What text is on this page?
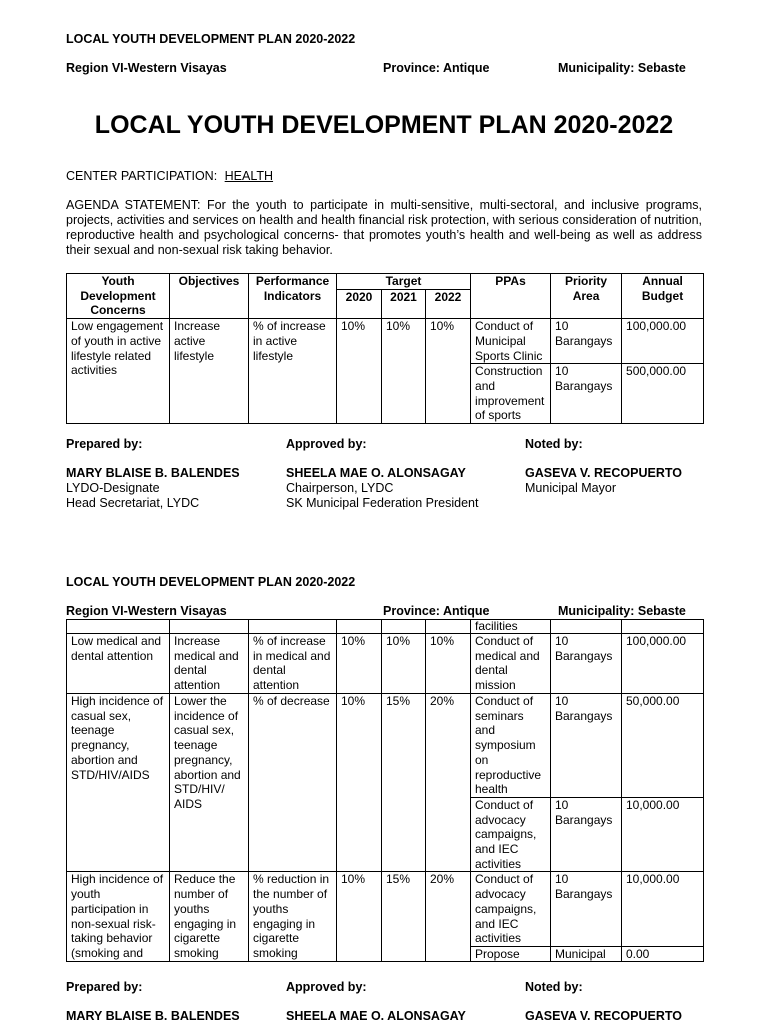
LOCAL YOUTH DEVELOPMENT PLAN 2020-2022
Region VI-Western Visayas	Province: Antique	Municipality: Sebaste
LOCAL YOUTH DEVELOPMENT PLAN 2020-2022
CENTER PARTICIPATION: HEALTH
AGENDA STATEMENT: For the youth to participate in multi-sensitive, multi-sectoral, and inclusive programs, projects, activities and services on health and health financial risk protection, with serious consideration of nutrition, reproductive health and psychological concerns- that promotes youth’s health and well-being as well as address their sexual and non-sexual risk taking behavior.
Youth Development Concerns	Objectives	Performance Indicators	Target			PPAs	Priority Area	Annual Budget
			2020	2021	2022			
Low engagement of youth in active lifestyle related activities	Increase active lifestyle	% of increase in active lifestyle	10%	10%	10%	Conduct of Municipal Sports Clinic	10 Barangays	100,000.00
						Construction and improvement of sports	10 Barangays	500,000.00
Prepared by:
MARY BLAISE B. BALENDES
LYDO-Designate
Head Secretariat, LYDC
Approved by:
SHEELA MAE O. ALONSAGAY
Chairperson, LYDC
SK Municipal Federation President
Noted by:
GASEVA V. RECOPUERTO
Municipal Mayor
LOCAL YOUTH DEVELOPMENT PLAN 2020-2022
Region VI-Western Visayas	Province: Antique	Municipality: Sebaste
						facilities		
Low medical and dental attention	Increase medical and dental attention	% of increase in medical and dental attention	10%	10%	10%	Conduct of medical and dental mission	10 Barangays	100,000.00
High incidence of casual sex, teenage pregnancy, abortion and STD/HIV/AIDS	Lower the incidence of casual sex, teenage pregnancy, abortion and STD/HIV/ AIDS	% of decrease	10%	15%	20%	Conduct of seminars and symposium on reproductive health	10 Barangays	50,000.00
						Conduct of advocacy campaigns, and IEC activities	10 Barangays	10,000.00
High incidence of youth participation in non-sexual risk-taking behavior (smoking and	Reduce the number of youths engaging in cigarette smoking	% reduction in the number of youths engaging in cigarette smoking	10%	15%	20%	Conduct of advocacy campaigns, and IEC activities	10 Barangays	10,000.00
						Propose	Municipal	0.00
Prepared by:
MARY BLAISE B. BALENDES
Approved by:
SHEELA MAE O. ALONSAGAY
Noted by:
GASEVA V. RECOPUERTO
